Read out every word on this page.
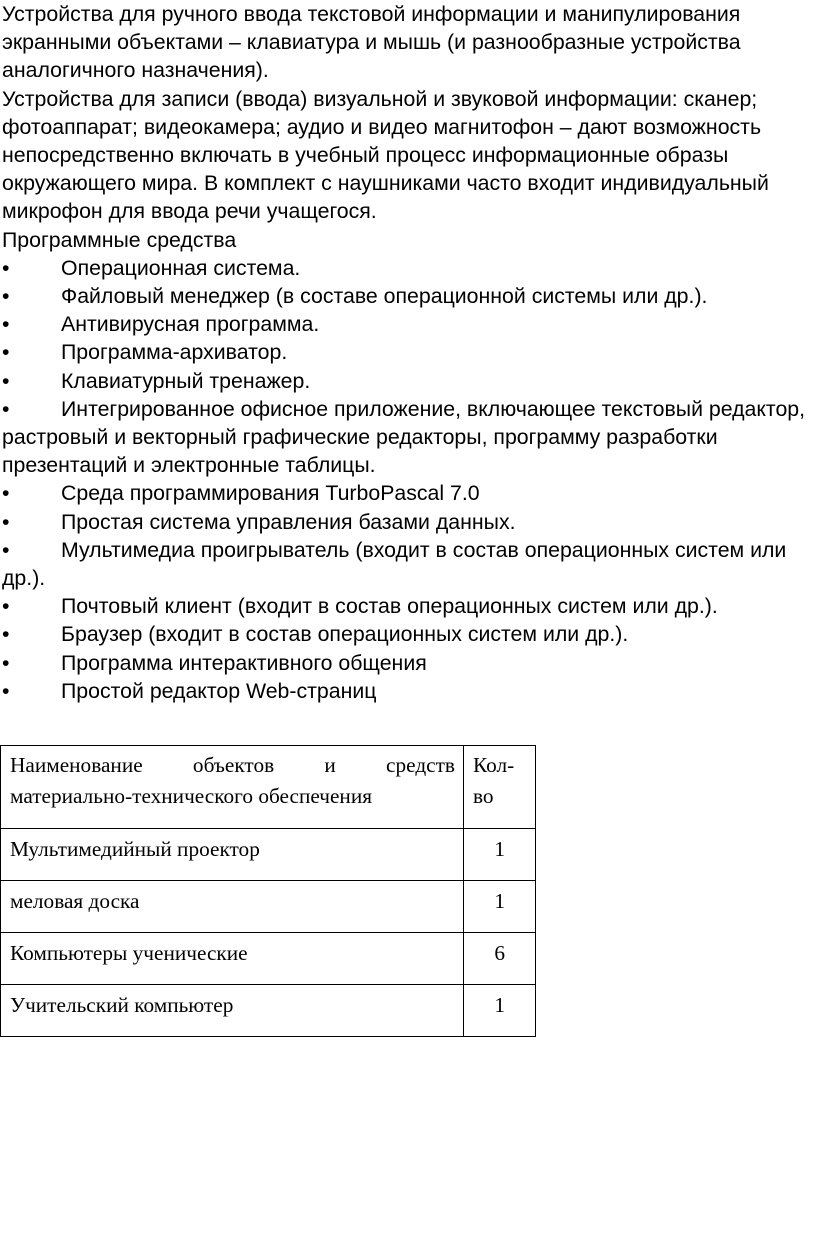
Устройства для ручного ввода текстовой информации и манипулирования экранными объектами – клавиатура и мышь (и разнообразные устройства аналогичного назначения).

Устройства для записи (ввода) визуальной и звуковой информации: сканер; фотоаппарат; видеокамера; аудио и видео магнитофон – дают возможность непосредственно включать в учебный процесс информационные образы окружающего мира. В комплект с наушниками часто входит индивидуальный микрофон для ввода речи учащегося.

Программные средства

• Операционная система.
• Файловый менеджер (в составе операционной системы или др.).
• Антивирусная программа.
• Программа-архиватор.
• Клавиатурный тренажер.
• Интегрированное офисное приложение, включающее текстовый редактор, растровый и векторный графические редакторы, программу разработки презентаций и электронные таблицы.
• Среда программирования TurboPascal 7.0
• Простая система управления базами данных.
• Мультимедиа проигрыватель (входит в состав операционных систем или др.).
• Почтовый клиент (входит в состав операционных систем или др.).
• Браузер (входит в состав операционных систем или др.).
• Программа интерактивного общения
• Простой редактор Web-страниц
Наименование объектов и средств
материально-технического обеспечения	Кол-
во

Мультимедийный проектор	1

меловая доска	1

Компьютеры ученические	6

Учительский компьютер	1
